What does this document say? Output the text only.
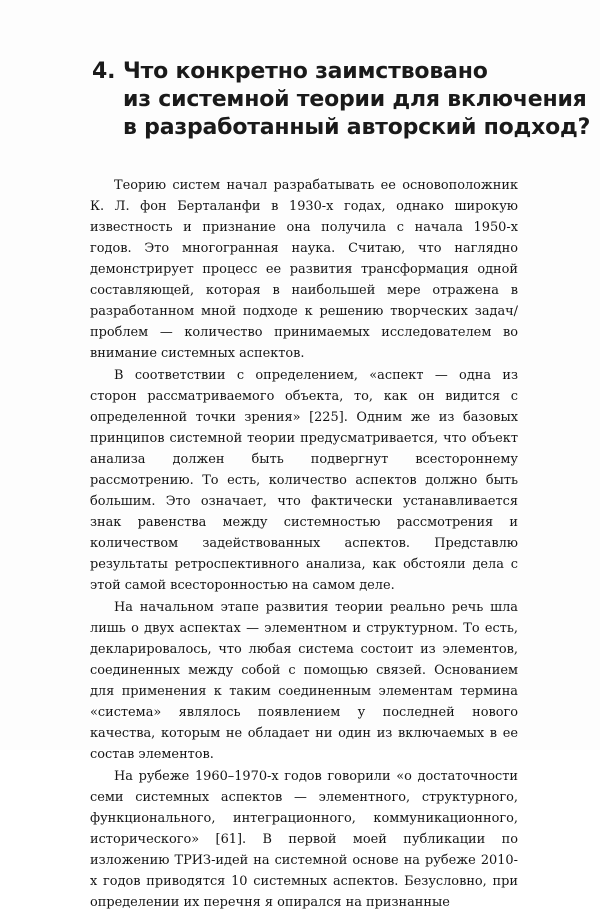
4. Что конкретно заимствовано
из системной теории для включения
в разработанный авторский подход?

Теорию систем начал разрабатывать ее основоположник К. Л. фон Берталанфи в 1930-х годах, однако широкую известность и признание она получила с начала 1950-х годов. Это многогранная наука. Считаю, что наглядно демонстрирует процесс ее развития трансформация одной составляющей, которая в наибольшей мере отражена в разработанном мной подходе к решению творческих задач/проблем — количество принимаемых исследователем во внимание системных аспектов.

В соответствии с определением, «аспект — одна из сторон рассматриваемого объекта, то, как он видится с определенной точки зрения» [225]. Одним же из базовых принципов системной теории предусматривается, что объект анализа должен быть подвергнут всестороннему рассмотрению. То есть, количество аспектов должно быть большим. Это означает, что фактически устанавливается знак равенства между системностью рассмотрения и количеством задействованных аспектов. Представлю результаты ретроспективного анализа, как обстояли дела с этой самой всесторонностью на самом деле.

На начальном этапе развития теории реально речь шла лишь о двух аспектах — элементном и структурном. То есть, декларировалось, что любая система состоит из элементов, соединенных между собой с помощью связей. Основанием для применения к таким соединенным элементам термина «система» являлось появлением у последней нового качества, которым не обладает ни один из включаемых в ее состав элементов.

На рубеже 1960–1970-х годов говорили «о достаточности семи системных аспектов — элементного, структурного, функционального, интеграционного, коммуникационного, исторического» [61]. В первой моей публикации по изложению ТРИЗ-идей на системной основе на рубеже 2010-х годов приводятся 10 системных аспектов. Безусловно, при определении их перечня я опирался на признанные
